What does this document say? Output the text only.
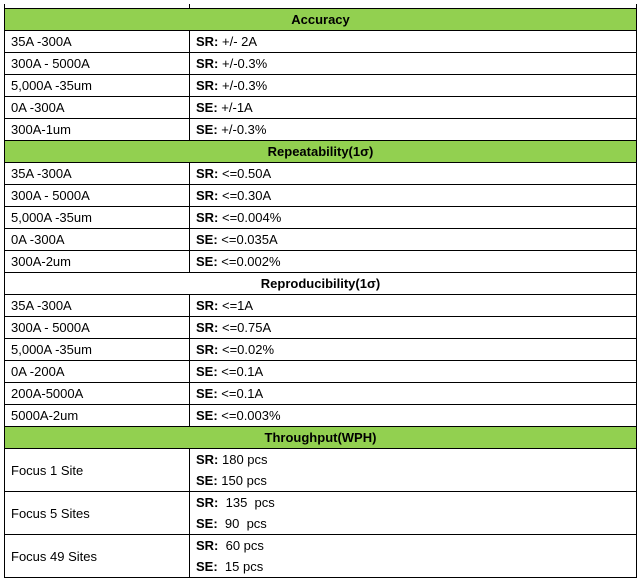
Accuracy	
35A -300A	SR: +/- 2A
300A - 5000A	SR: +/-0.3%
5,000A -35um	SR: +/-0.3%
0A -300A	SE: +/-1A
300A-1um	SE: +/-0.3%
Repeatability(1σ)	
35A -300A	SR: <=0.50A
300A - 5000A	SR: <=0.30A
5,000A -35um	SR: <=0.004%
0A -300A	SE: <=0.035A
300A-2um	SE: <=0.002%
Reproducibility(1σ)	
35A -300A	SR: <=1A
300A - 5000A	SR: <=0.75A
5,000A -35um	SR: <=0.02%
0A -200A	SE: <=0.1A
200A-5000A	SE: <=0.1A
5000A-2um	SE: <=0.003%
Throughput(WPH)	
Focus 1 Site	SR: 180 pcs
SE: 150 pcs

Focus 5 Sites	SR:  135  pcs
SE:  90  pcs

Focus 49 Sites	SR:  60 pcs
SE:  15 pcs
